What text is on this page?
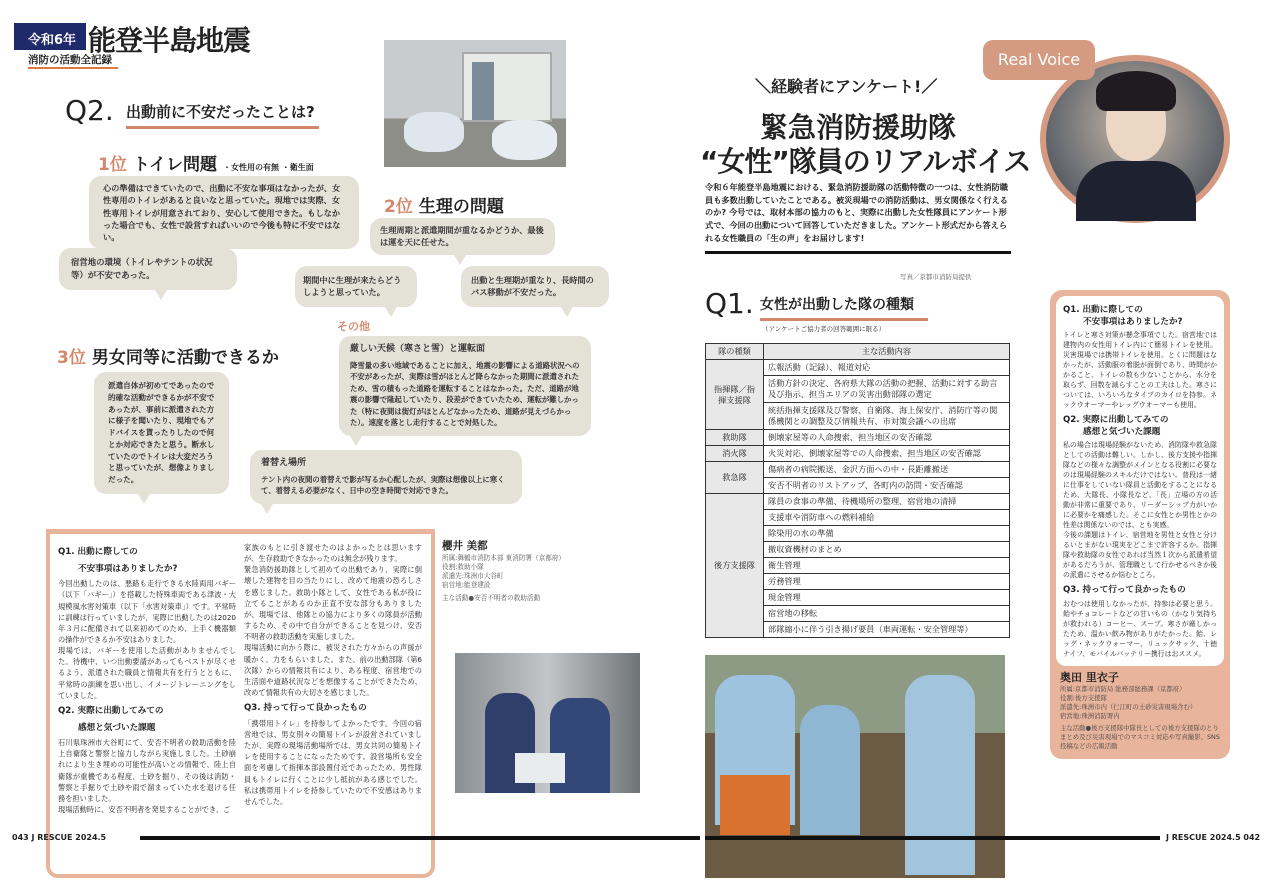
令和6年 能登半島地震
消防の活動全記録
Q2. 出動前に不安だったことは?
1位 トイレ問題 ・女性用の有無 ・衛生面
心の準備はできていたので、出動に不安な事項はなかったが、女性専用のトイレがあると良いなと思っていた。現地では実際、女性専用トイレが用意されており、安心して使用できた。もしなかった場合でも、女性で設営すればいいので今後も特に不安ではない。
宿営地の環境（トイレやテントの状況等）が不安であった。
2位 生理の問題
生理周期と派遣期間が重なるかどうか、最後は運を天に任せた。
期間中に生理が来たらどうしようと思っていた。
出動と生理期が重なり、長時間のバス移動が不安だった。
その他
3位 男女同等に活動できるか
派遣自体が初めてであったので的確な活動ができるかが不安であったが、事前に派遣された方に様子を聞いたり、現地でもアドバイスを貰ったりしたので何とか対応できたと思う。断水していたのでトイレは大変だろうと思っていたが、想像よりましだった。
厳しい天候（寒さと雪）と運転面
降雪量の多い地域であることに加え、地震の影響による道路状況への不安があったが、実際は雪がほとんど降らなかった期間に派遣されたため、雪の積もった道路を運転することはなかった。ただ、道路が地震の影響で隆起していたり、段差ができていたため、運転が難しかった（特に夜間は街灯がほとんどなかったため、道路が見えづらかった）。速度を落とし走行することで対処した。
着替え場所
テント内の夜間の着替えで影が写るか心配したが、実際は想像以上に寒くて、着替える必要がなく、日中の空き時間で対応できた。
Q1. 出動に際しての
不安事項はありましたか?
今回出動したのは、悪路も走行できる水陸両用バギー（以下「バギー」）を搭載した特殊車両である津波・大規模風水害対策車（以下「水害対策車」）です。平常時に訓練は行っていましたが、実際に出動したのは2020年３月に配備されて以来初めてのため、上手く機器類の操作ができるか不安はありました。
現場では、バギーを使用した活動がありませんでした。待機中、いつ出動要請があってもベストが尽くせるよう、派遣された職員と情報共有を行うとともに、平常時の訓練を思い出し、イメージトレーニングをしていました。
Q2. 実際に出動してみての
感想と気づいた課題
石川県珠洲市大谷町にて、安否不明者の救助活動を陸上自衛隊と警察と協力しながら実施しました。土砂崩れにより生き埋めの可能性が高いとの情報で、陸上自衛隊が重機である程度、土砂を掘り、その後は消防・警察と手掘りで土砂や雨で溜まっていた水を退ける任務を担いました。
現場活動時に、安否不明者を発見することができ、ご
家族のもとに引き渡せたのはよかったとは思いますが、生存救助できなかったのは無念が残ります。
緊急消防援助隊として初めての出動であり、実際に倒壊した建物を目の当たりにし、改めて地震の恐ろしさを感じました。救助小隊として、女性である私が役に立てることがあるのか正直不安な部分もありましたが、現場では、他隊との協力により多くの隊員が活動するため、その中で自分ができることを見つけ、安否不明者の救助活動を実施しました。
現場活動に向かう際に、被災された方々からの声援が暖かく、力をもらいました。また、前の出動部隊（第6次隊）からの情報共有により、ある程度、宿営地での生活面や道路状況などを想像することができたため、改めて情報共有の大切さを感じました。
Q3. 持って行って良かったもの
「携帯用トイレ」を持参してよかったです。今回の宿営地では、男女別々の簡易トイレが設営されていましたが、実際の現場活動場所では、男女共同の簡易トイレを使用することになったためです。設営場所も安全面を考慮して指揮本部設置付近であったため、男性隊員もトイレに行くことに少し抵抗がある感じでした。私は携帯用トイレを持参していたので不安感はありませんでした。
櫻井 美都
所属:舞鶴市消防本部 東消防署（京都府）
役割:救助小隊
派遣先:珠洲市大谷町
宿営地:能登建設
主な活動●安否不明者の救助活動
Real Voice
＼経験者にアンケート!／
緊急消防援助隊
“女性”隊員のリアルボイス
令和６年能登半島地震における、緊急消防援助隊の活動特徴の一つは、女性消防職員も多数出動していたことである。被災現場での消防活動は、男女関係なく行えるのか? 今号では、取材本部の協力のもと、実際に出動した女性隊員にアンケート形式で、今回の出動について回答していただきました。アンケート形式だから答えられる女性職員の「生の声」をお届けします!
写真／京都市消防局提供
Q1. 女性が出動した隊の種類
（アンケートご協力者の回答範囲に限る）
隊の種類	主な活動内容
指揮隊／指揮支援隊	広報活動（記録）、報道対応
	活動方針の決定、各府県大隊の活動の把握、活動に対する助言及び指示、担当エリアの災害出動部隊の選定
	統括指揮支援隊及び警察、自衛隊、海上保安庁、消防庁等の関係機関との調整及び情報共有、市対策会議への出席
救助隊	倒壊家屋等の人命捜索、担当地区の安否確認
消火隊	火災対応、倒壊家屋等での人命捜索、担当地区の安否確認
救急隊	傷病者の病院搬送、金沢方面への中・長距離搬送
	安否不明者のリストアップ、各町内の訪問・安否確認
後方支援隊	隊員の食事の準備、待機場所の整理、宿営地の清掃
	支援車や消防車への燃料補給
	除染用の水の準備
	撤収資機材のまとめ
	衛生管理
	労務管理
	現金管理
	宿営地の移転
	部隊縮小に伴う引き揚げ要員（車両運転・安全管理等）
Q1. 出動に際しての
不安事項はありましたか?
トイレと寒さ対策が懸念事項でした。宿営地では建物内の女性用トイレ内にて簡易トイレを使用。災害現場では携帯トイレを使用。とくに問題はなかったが、活動服の着脱が面倒であり、時間がかかること、トイレの数も少ないことから、水分を取らず、回数を減らすことの工夫はした。寒さについては、いろいろなタイプのカイロを持参。ネックウオーマーやレッグウオーマーも使用。
Q2. 実際に出動してみての
感想と気づいた課題
私の場合は現場経験がないため、消防隊や救急隊としての活動は難しい。しかし、後方支援や指揮隊などの様々な調整がメインとなる役割に必要なのは現場経験のスキルだけではない。普段は一緒に仕事をしていない隊員と活動をすることになるため、大隊長、小隊長など、「長」立場の方の活動が非常に重要であり、リーダーシップ力がいかに必要かを痛感した。そこに女性とか男性とかの性差は関係ないのでは、とも実感。
今後の課題はトイレ、宿営地を男性と女性と分けるいとまがない現実をどこまで許容するか。指揮隊や救助隊の女性であれば当然１次から派遣希望があるだろうが、管理職として行かせるべきか後の派遣にさせるか悩むところ。
Q3. 持って行って良かったもの
おむつは使用しなかったが、持参は必要と思う。飴やチョコレートなどの甘いもの（かなり気持ちが救われる）コーヒー、スープ。寒さが厳しかったため、温かい飲み物がありがたかった。飴、レッグ・ネックウォーマー、リュックサック、十徳ナイフ、モバイルバッテリー携行はおススメ。
奥田 里衣子
所属:京都市消防局 総務部総務課（京都府）
役割:後方支援隊
派遣先:珠洲市内（仁江町の土砂災害現場含む）
宿営地:珠洲消防署内
主な活動●後方支援隊中隊長としての後方支援隊のとりまとめ及び災害現場でのマスコミ対応や写真撮影、SNS投稿などの広報活動
043 J RESCUE 2024.5	J RESCUE 2024.5 042
